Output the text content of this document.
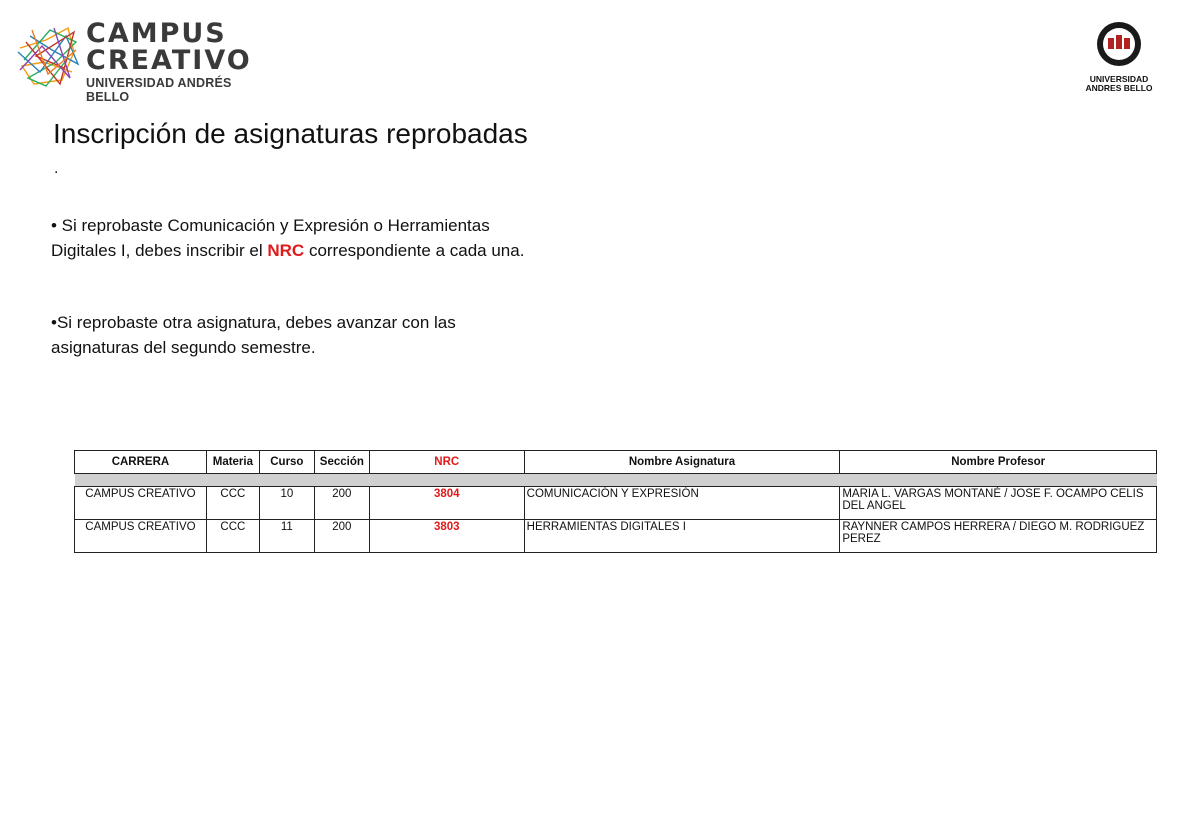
CAMPUS
CREATIVO
UNIVERSIDAD ANDRÉS BELLO
UNIVERSIDAD
ANDRES BELLO
Inscripción de asignaturas reprobadas
.
• Si reprobaste Comunicación y Expresión o Herramientas Digitales I, debes inscribir el NRC correspondiente a cada una.
•Si reprobaste otra asignatura, debes avanzar con las asignaturas del segundo semestre.
CARRERA	Materia	Curso	Sección	NRC	Nombre Asignatura	Nombre Profesor

CAMPUS CREATIVO	CCC	10	200	3804	COMUNICACIÓN Y EXPRESIÓN	MARIA L. VARGAS MONTANÉ / JOSE F. OCAMPO CELIS DEL ANGEL
CAMPUS CREATIVO	CCC	11	200	3803	HERRAMIENTAS DIGITALES I	RAYNNER CAMPOS HERRERA / DIEGO M. RODRIGUEZ PEREZ
